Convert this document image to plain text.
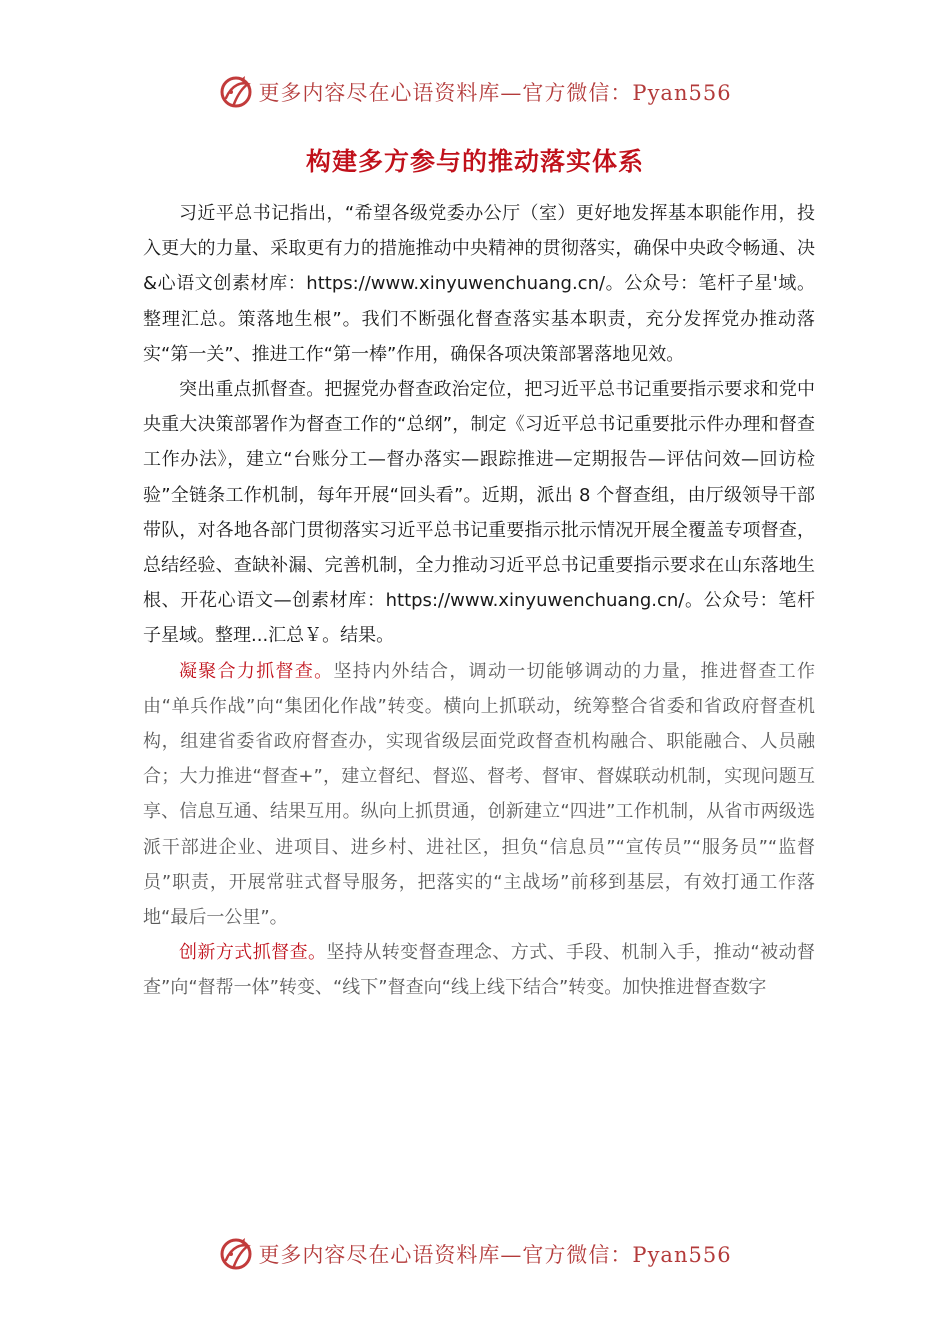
更多内容尽在心语资料库—官方微信：Pyan556
构建多方参与的推动落实体系

习近平总书记指出，“希望各级党委办公厅（室）更好地发挥基本职能作用，投入更大的力量、采取更有力的措施推动中央精神的贯彻落实，确保中央政令畅通、决&心语文创素材库：https://www.xinyuwenchuang.cn/。公众号：笔杆子星'域。整理汇总。策落地生根”。我们不断强化督查落实基本职责，充分发挥党办推动落实“第一关”、推进工作“第一棒”作用，确保各项决策部署落地见效。

突出重点抓督查。把握党办督查政治定位，把习近平总书记重要指示要求和党中央重大决策部署作为督查工作的“总纲”，制定《习近平总书记重要批示件办理和督查工作办法》，建立“台账分工—督办落实—跟踪推进—定期报告—评估问效—回访检验”全链条工作机制，每年开展“回头看”。近期，派出 8 个督查组，由厅级领导干部带队，对各地各部门贯彻落实习近平总书记重要指示批示情况开展全覆盖专项督查，总结经验、查缺补漏、完善机制，全力推动习近平总书记重要指示要求在山东落地生根、开花心语文—创素材库：https://www.xinyuwenchuang.cn/。公众号：笔杆子星域。整理...汇总￥。结果。

凝聚合力抓督查。坚持内外结合，调动一切能够调动的力量，推进督查工作由“单兵作战”向“集团化作战”转变。横向上抓联动，统筹整合省委和省政府督查机构，组建省委省政府督查办，实现省级层面党政督查机构融合、职能融合、人员融合；大力推进“督查+”，建立督纪、督巡、督考、督审、督媒联动机制，实现问题互享、信息互通、结果互用。纵向上抓贯通，创新建立“四进”工作机制，从省市两级选派干部进企业、进项目、进乡村、进社区，担负“信息员”“宣传员”“服务员”“监督员”职责，开展常驻式督导服务，把落实的“主战场”前移到基层，有效打通工作落地“最后一公里”。

创新方式抓督查。坚持从转变督查理念、方式、手段、机制入手，推动“被动督查”向“督帮一体”转变、“线下”督查向“线上线下结合”转变。加快推进督查数字

更多内容尽在心语资料库—官方微信：Pyan556
